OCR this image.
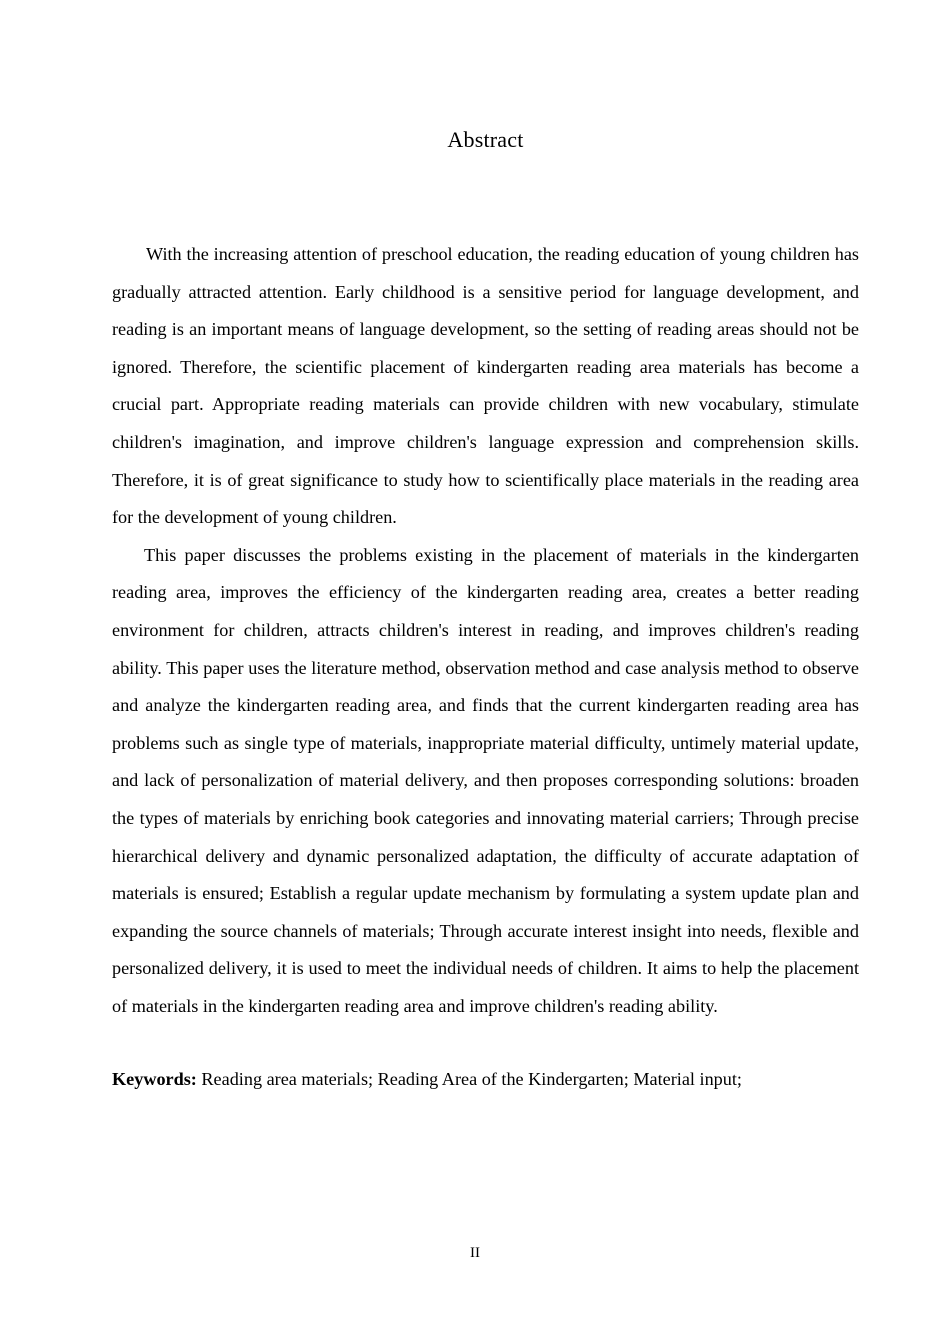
Abstract

With the increasing attention of preschool education, the reading education of young children has gradually attracted attention. Early childhood is a sensitive period for language development, and reading is an important means of language development, so the setting of reading areas should not be ignored. Therefore, the scientific placement of kindergarten reading area materials has become a crucial part. Appropriate reading materials can provide children with new vocabulary, stimulate children's imagination, and improve children's language expression and comprehension skills. Therefore, it is of great significance to study how to scientifically place materials in the reading area for the development of young children.

This paper discusses the problems existing in the placement of materials in the kindergarten reading area, improves the efficiency of the kindergarten reading area, creates a better reading environment for children, attracts children's interest in reading, and improves children's reading ability. This paper uses the literature method, observation method and case analysis method to observe and analyze the kindergarten reading area, and finds that the current kindergarten reading area has problems such as single type of materials, inappropriate material difficulty, untimely material update, and lack of personalization of material delivery, and then proposes corresponding solutions: broaden the types of materials by enriching book categories and innovating material carriers; Through precise hierarchical delivery and dynamic personalized adaptation, the difficulty of accurate adaptation of materials is ensured; Establish a regular update mechanism by formulating a system update plan and expanding the source channels of materials; Through accurate interest insight into needs, flexible and personalized delivery, it is used to meet the individual needs of children. It aims to help the placement of materials in the kindergarten reading area and improve children's reading ability.

Keywords: Reading area materials; Reading Area of the Kindergarten; Material input;

II
